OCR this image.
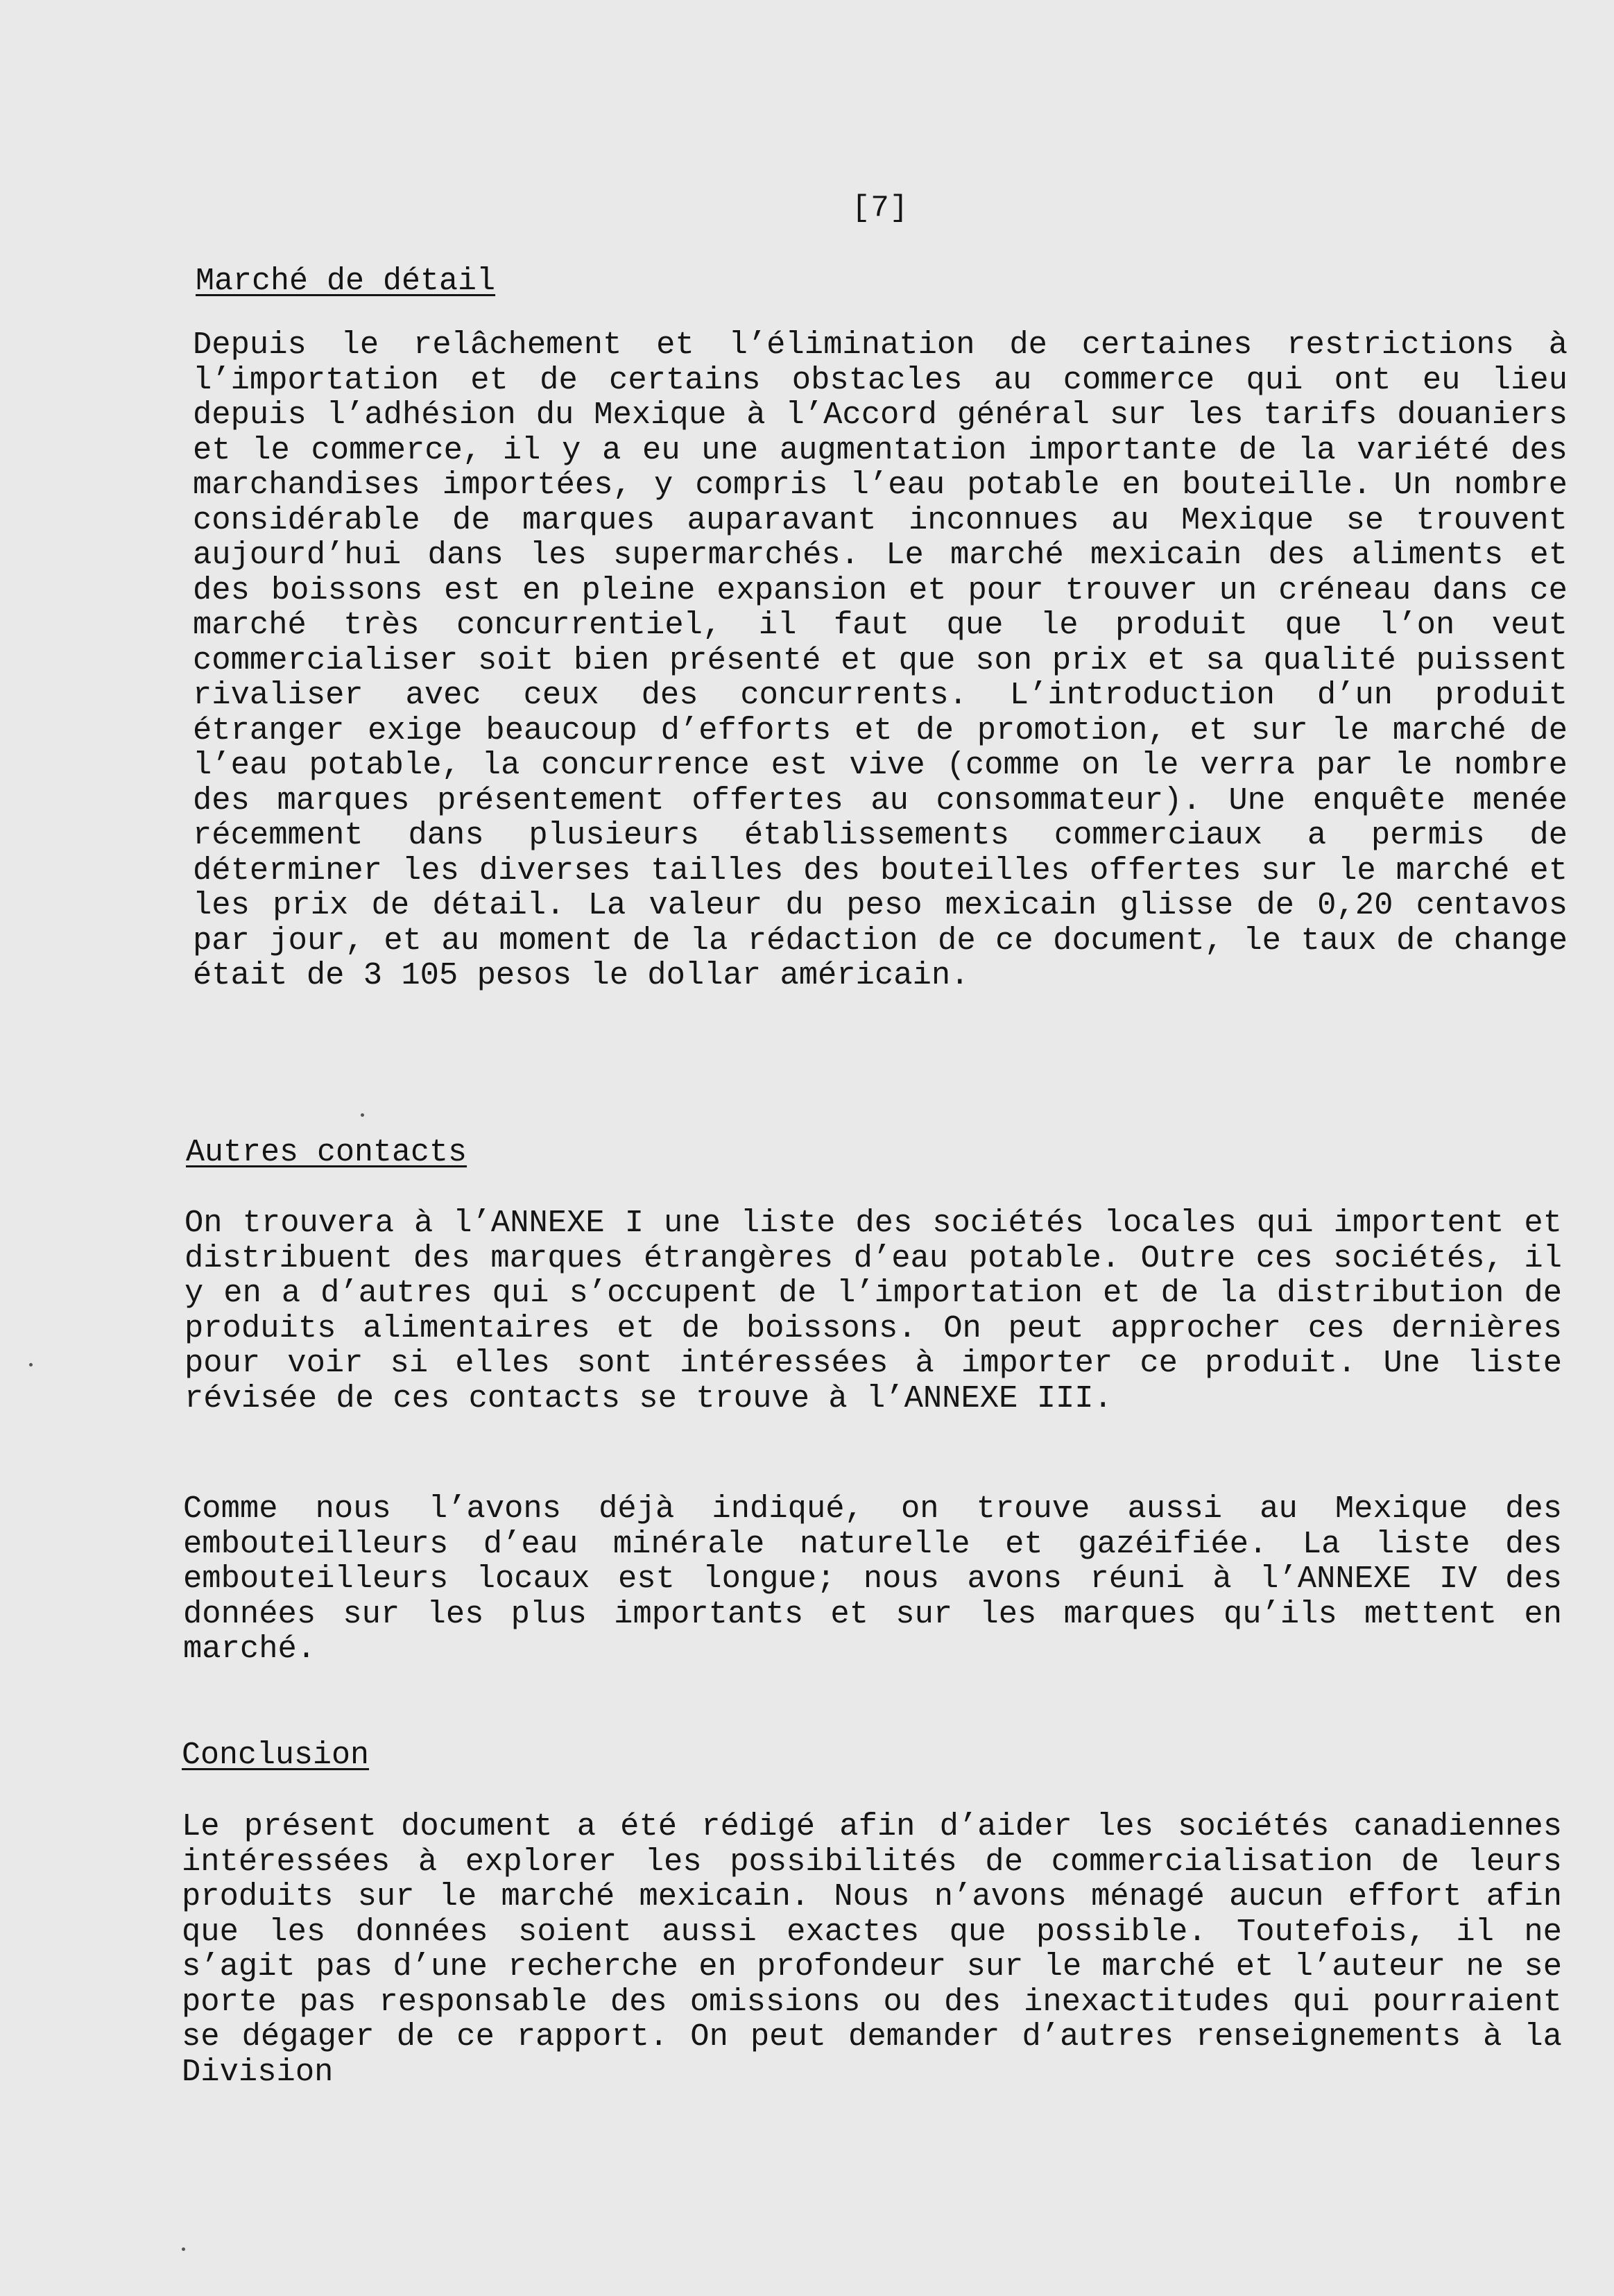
[7]
Marché de détail
Depuis le relâchement et l’élimination de certaines restrictions à l’importation et de certains obstacles au commerce qui ont eu lieu depuis l’adhésion du Mexique à l’Accord général sur les tarifs douaniers et le commerce, il y a eu une augmentation importante de la variété des marchandises importées, y compris l’eau potable en bouteille. Un nombre considérable de marques auparavant inconnues au Mexique se trouvent aujourd’hui dans les supermarchés. Le marché mexicain des aliments et des boissons est en pleine expansion et pour trouver un créneau dans ce marché très concurrentiel, il faut que le produit que l’on veut commercialiser soit bien présenté et que son prix et sa qualité puissent rivaliser avec ceux des concurrents. L’introduction d’un produit étranger exige beaucoup d’efforts et de promotion, et sur le marché de l’eau potable, la concurrence est vive (comme on le verra par le nombre des marques présentement offertes au consommateur). Une enquête menée récemment dans plusieurs établissements commerciaux a permis de déterminer les diverses tailles des bouteilles offertes sur le marché et les prix de détail. La valeur du peso mexicain glisse de 0,20 centavos par jour, et au moment de la rédaction de ce document, le taux de change était de 3 105 pesos le dollar américain.
Autres contacts
On trouvera à l’ANNEXE I une liste des sociétés locales qui importent et distribuent des marques étrangères d’eau potable. Outre ces sociétés, il y en a d’autres qui s’occupent de l’importation et de la distribution de produits alimentaires et de boissons. On peut approcher ces dernières pour voir si elles sont intéressées à importer ce produit. Une liste révisée de ces contacts se trouve à l’ANNEXE III.
Comme nous l’avons déjà indiqué, on trouve aussi au Mexique des embouteilleurs d’eau minérale naturelle et gazéifiée. La liste des embouteilleurs locaux est longue; nous avons réuni à l’ANNEXE IV des données sur les plus importants et sur les marques qu’ils mettent en marché.
Conclusion
Le présent document a été rédigé afin d’aider les sociétés canadiennes intéressées à explorer les possibilités de commercialisation de leurs produits sur le marché mexicain. Nous n’avons ménagé aucun effort afin que les données soient aussi exactes que possible. Toutefois, il ne s’agit pas d’une recherche en profondeur sur le marché et l’auteur ne se porte pas responsable des omissions ou des inexactitudes qui pourraient se dégager de ce rapport. On peut demander d’autres renseignements à la Division
